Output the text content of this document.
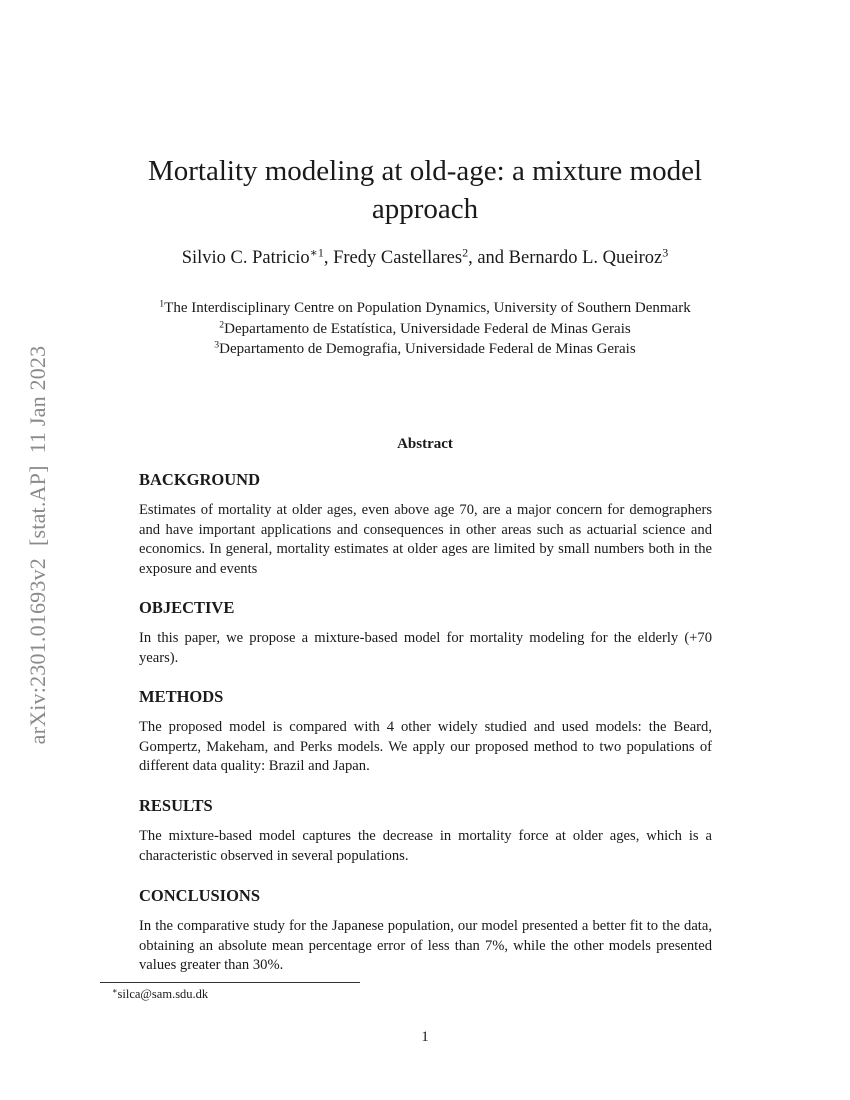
arXiv:2301.01693v2[stat.AP]11 Jan 2023
Mortality modeling at old-age: a mixture model approach
Silvio C. Patricio$^{∗1}$, Fredy Castellares$^2$, and Bernardo L. Queiroz$^3$
$^1$The Interdisciplinary Centre on Population Dynamics, University of Southern Denmark
$^2$Departamento de Estatística, Universidade Federal de Minas Gerais
$^3$Departamento de Demografia, Universidade Federal de Minas Gerais
Abstract
BACKGROUND

Estimates of mortality at older ages, even above age 70, are a major concern for demographers and have important applications and consequences in other areas such as actuarial science and economics. In general, mortality estimates at older ages are limited by small numbers both in the exposure and events

OBJECTIVE

In this paper, we propose a mixture-based model for mortality modeling for the elderly (+70 years).

METHODS

The proposed model is compared with 4 other widely studied and used models: the Beard, Gompertz, Makeham, and Perks models. We apply our proposed method to two populations of different data quality: Brazil and Japan.

RESULTS

The mixture-based model captures the decrease in mortality force at older ages, which is a characteristic observed in several populations.

CONCLUSIONS

In the comparative study for the Japanese population, our model presented a better fit to the data, obtaining an absolute mean percentage error of less than 7%, while the other models presented values greater than 30%.

∗silca@sam.sdu.dk
1
